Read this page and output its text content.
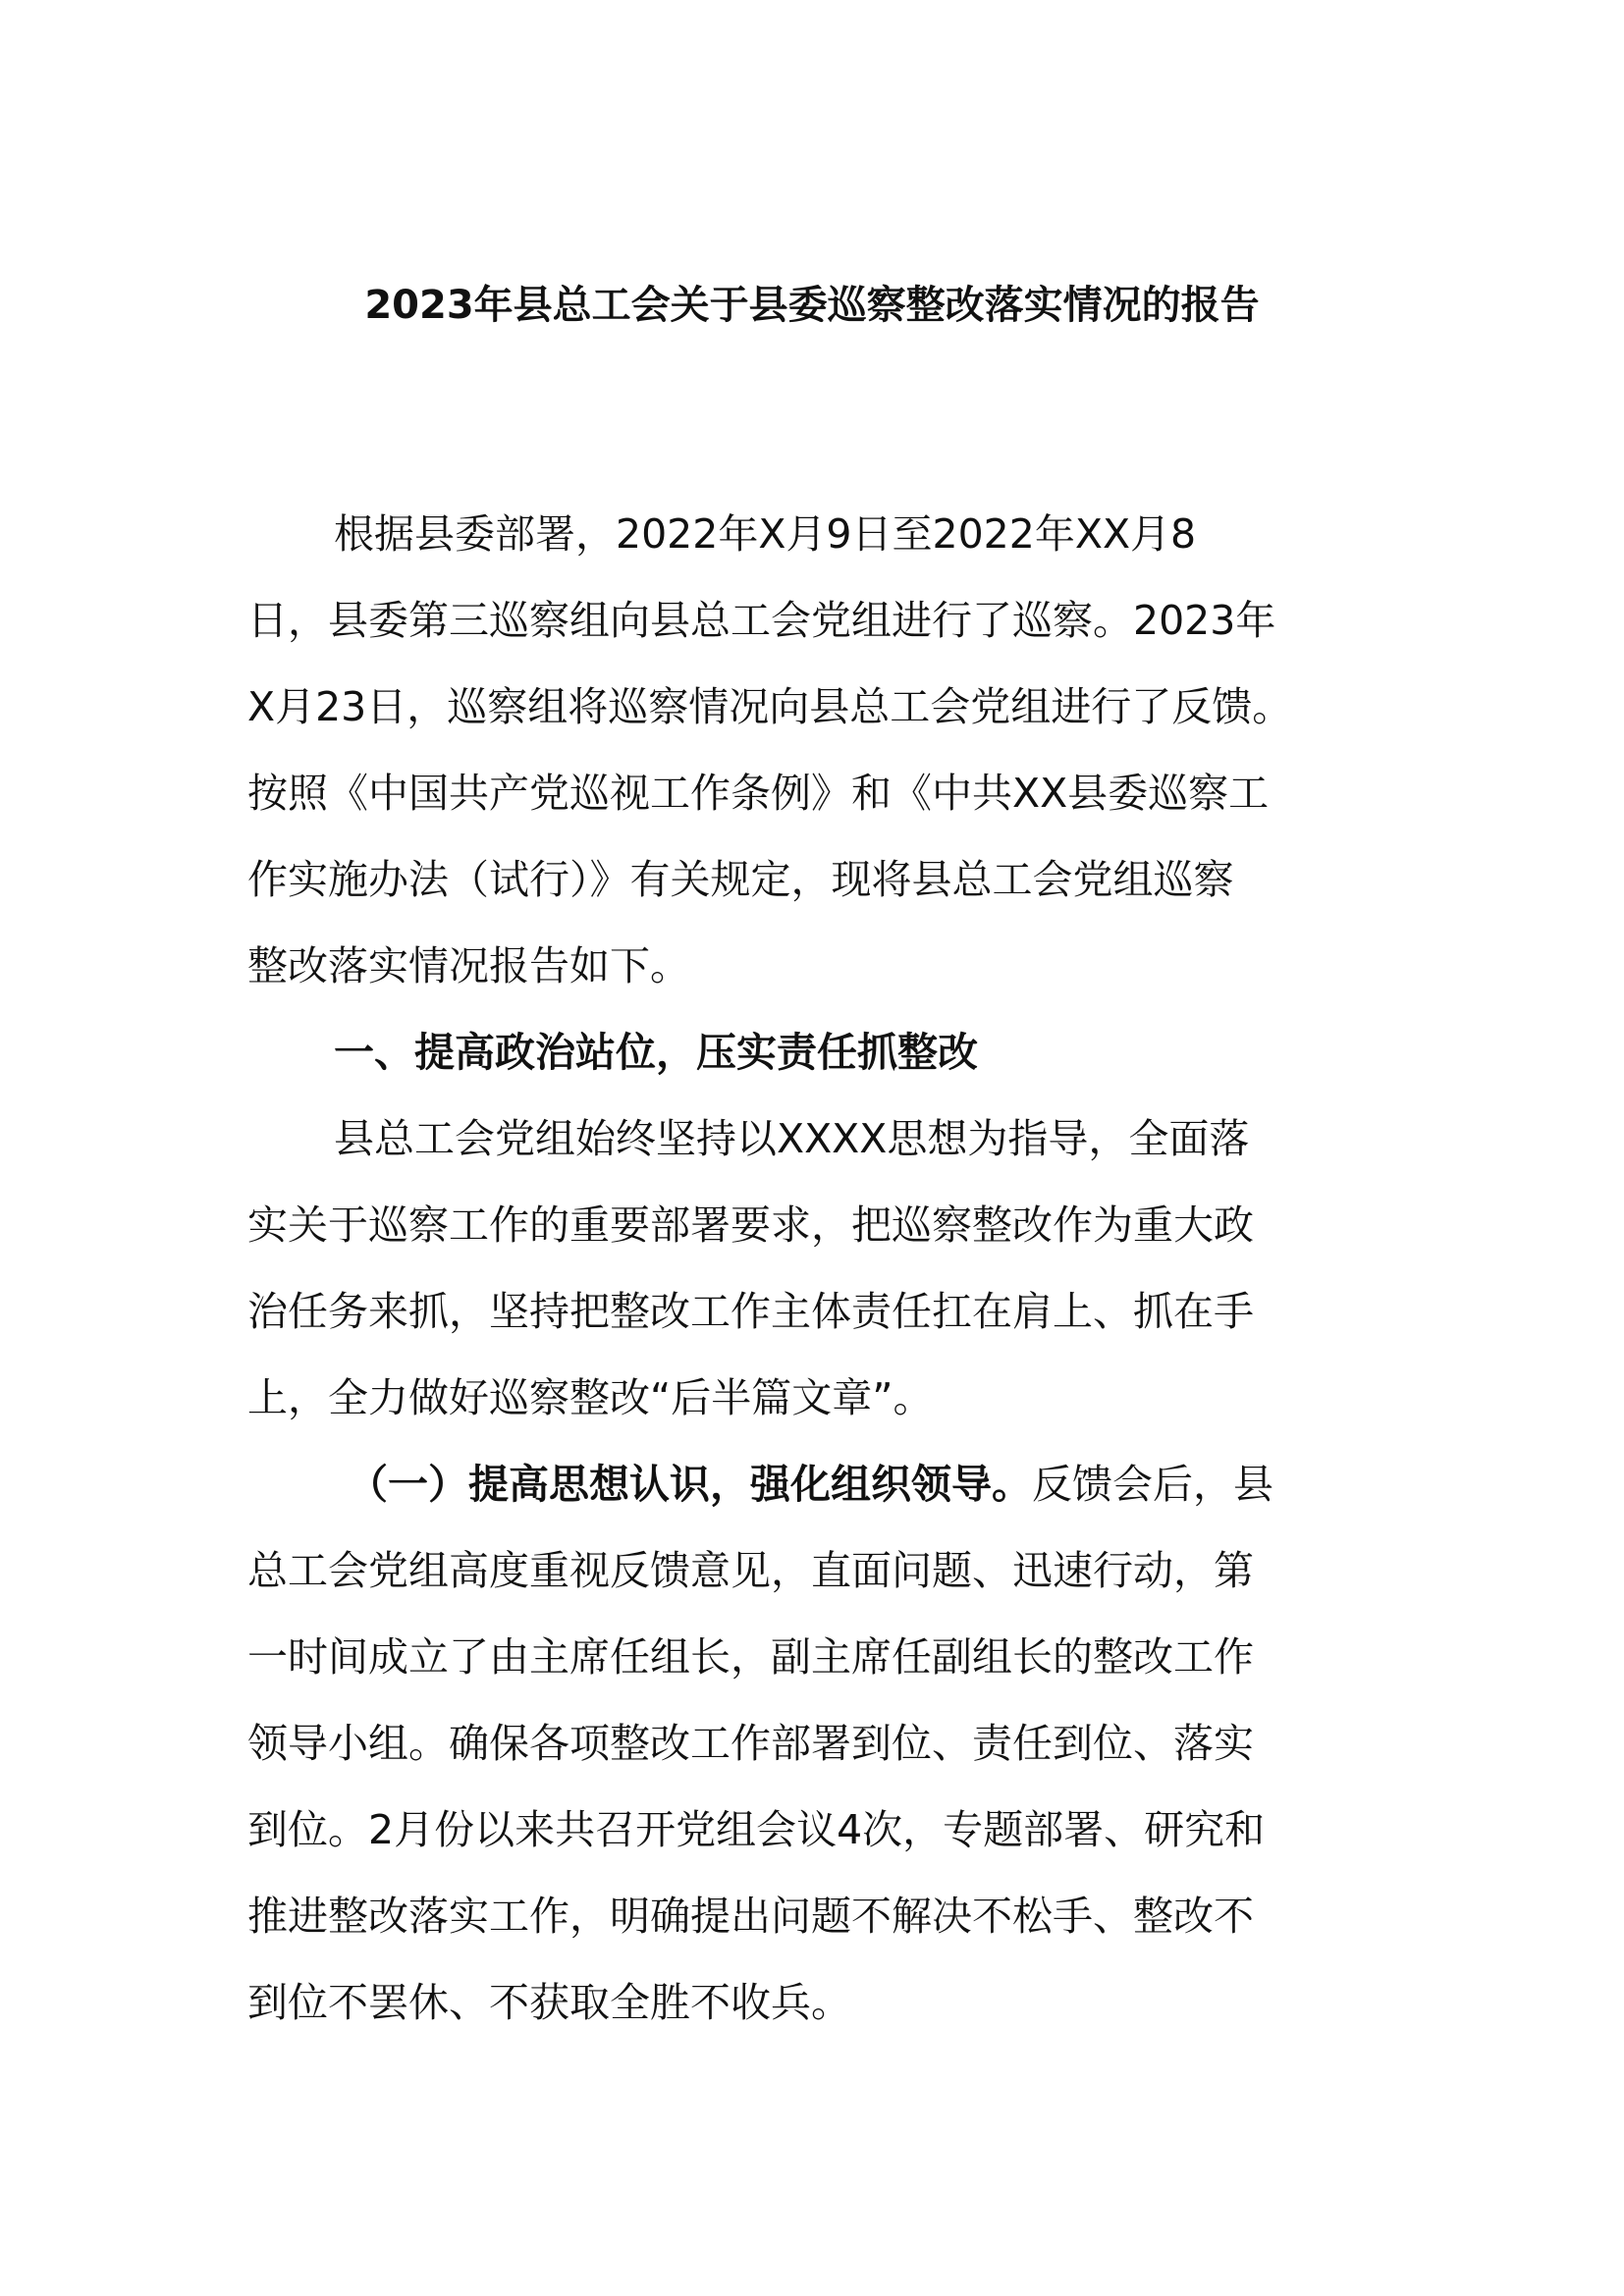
2023年县总工会关于县委巡察整改落实情况的报告
根据县委部署，2022年X月9日至2022年XX月8
日，县委第三巡察组向县总工会党组进行了巡察。2023年
X月23日，巡察组将巡察情况向县总工会党组进行了反馈。
按照《中国共产党巡视工作条例》和《中共XX县委巡察工
作实施办法（试行）》有关规定，现将县总工会党组巡察
整改落实情况报告如下。
一、提高政治站位，压实责任抓整改
县总工会党组始终坚持以XXXX思想为指导，全面落
实关于巡察工作的重要部署要求，把巡察整改作为重大政
治任务来抓，坚持把整改工作主体责任扛在肩上、抓在手
上，全力做好巡察整改“后半篇文章”。
（一）提高思想认识，强化组织领导。反馈会后，县
总工会党组高度重视反馈意见，直面问题、迅速行动，第
一时间成立了由主席任组长，副主席任副组长的整改工作
领导小组。确保各项整改工作部署到位、责任到位、落实
到位。2月份以来共召开党组会议4次，专题部署、研究和
推进整改落实工作，明确提出问题不解决不松手、整改不
到位不罢休、不获取全胜不收兵。
